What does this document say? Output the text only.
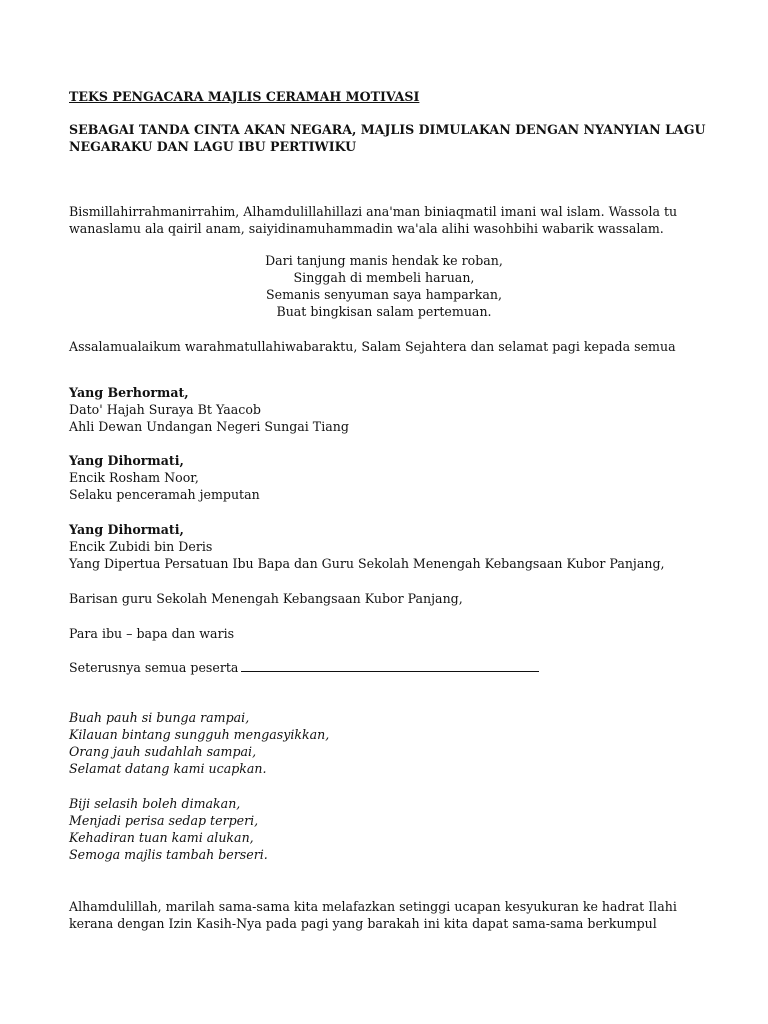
TEKS PENGACARA MAJLIS CERAMAH MOTIVASI

SEBAGAI TANDA CINTA AKAN NEGARA, MAJLIS DIMULAKAN DENGAN NYANYIAN LAGU NEGARAKU DAN LAGU IBU PERTIWIKU

Bismillahirrahmanirrahim, Alhamdulillahillazi ana'man biniaqmatil imani wal islam. Wassola tu
wanaslamu ala qairil anam, saiyidinamuhammadin wa'ala alihi wasohbihi wabarik wassalam.
Dari tanjung manis hendak ke roban,
Singgah di membeli haruan,
Semanis senyuman saya hamparkan,
Buat bingkisan salam pertemuan.

Assalamualaikum warahmatullahiwabaraktu, Salam Sejahtera dan selamat pagi kepada semua

Yang Berhormat,
Dato' Hajah Suraya Bt Yaacob
Ahli Dewan Undangan Negeri Sungai Tiang
Yang Dihormati,
Encik Rosham Noor,
Selaku penceramah jemputan
Yang Dihormati,
Encik Zubidi bin Deris
Yang Dipertua Persatuan Ibu Bapa dan Guru Sekolah Menengah Kebangsaan Kubor Panjang,

Barisan guru Sekolah Menengah Kebangsaan Kubor Panjang,

Para ibu – bapa dan waris

Seterusnya semua peserta

Buah pauh si bunga rampai,
Kilauan bintang sungguh mengasyikkan,
Orang jauh sudahlah sampai,
Selamat datang kami ucapkan.
Biji selasih boleh dimakan,
Menjadi perisa sedap terperi,
Kehadiran tuan kami alukan,
Semoga majlis tambah berseri.
Alhamdulillah, marilah sama-sama kita melafazkan setinggi ucapan kesyukuran ke hadrat Ilahi
kerana dengan Izin Kasih-Nya pada pagi yang barakah ini kita dapat sama-sama berkumpul
